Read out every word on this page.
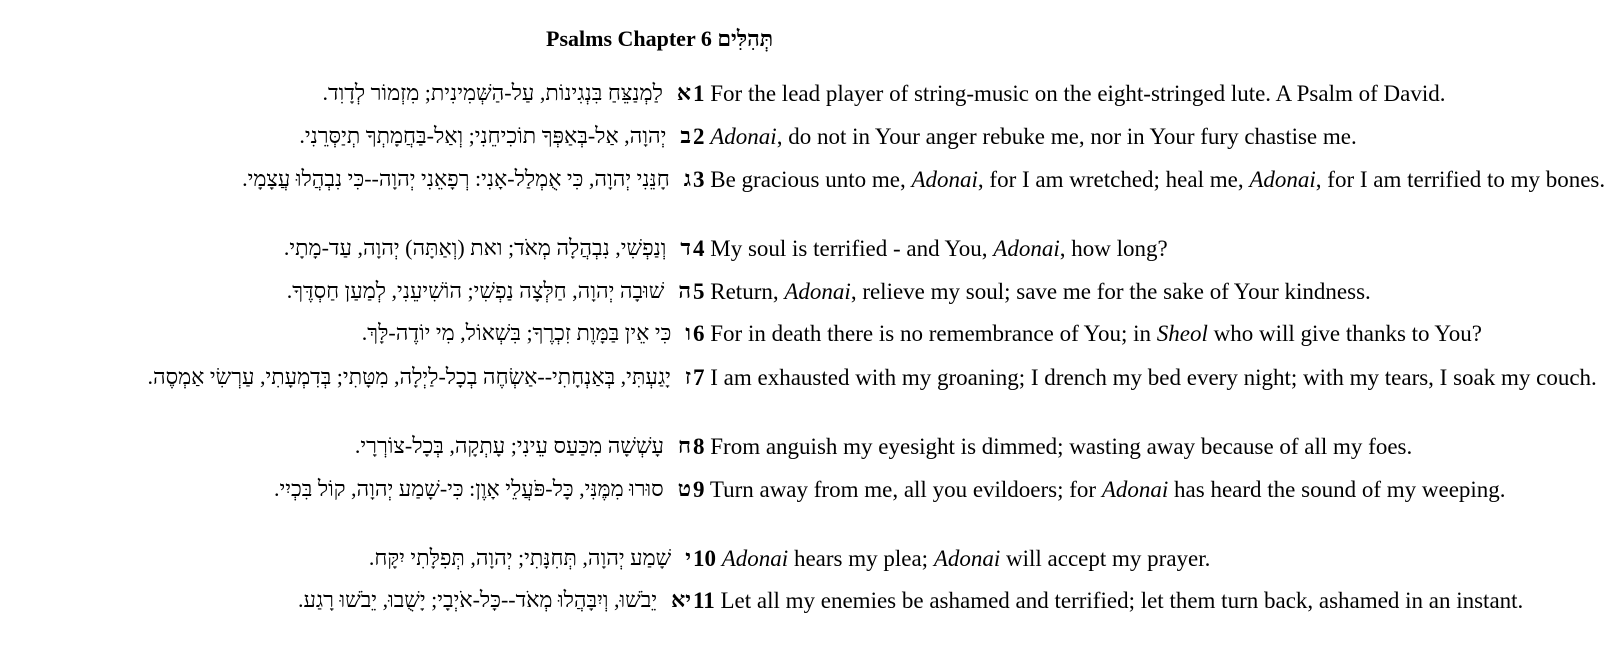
Psalms Chapter 6 תְּהִלִּים
אלַמְנַצֵּחַ בִּנְגִינוֹת, עַל-הַשְּׁמִינִית; מִזְמוֹר לְדָוִד.	1 For the lead player of string-music on the eight-stringed lute. A Psalm of David.
ביְהוָה, אַל-בְּאַפְּךָ תוֹכִיחֵנִי; וְאַל-בַּחֲמָתְךָ תְיַסְּרֵנִי.	2 Adonai, do not in Your anger rebuke me, nor in Your fury chastise me.
גחָנֵּנִי יְהוָה, כִּי אֻמְלַל-אָנִי: רְפָאֵנִי יְהוָה--כִּי נִבְהֲלוּ עֲצָמָי.	3 Be gracious unto me, Adonai, for I am wretched; heal me, Adonai, for I am terrified to my bones.
דוְנַפְשִׁי, נִבְהֲלָה מְאֹד; ואת (וְאַתָּה) יְהוָה, עַד-מָתָי.	4 My soul is terrified - and You, Adonai, how long?
השׁוּבָה יְהוָה, חַלְּצָה נַפְשִׁי; הוֹשִׁיעֵנִי, לְמַעַן חַסְדֶּךָ.	5 Return, Adonai, relieve my soul; save me for the sake of Your kindness.
וכִּי אֵין בַּמָּוֶת זִכְרֶךָ; בִּשְׁאוֹל, מִי יוֹדֶה-לָּךְ. 6 For in death there is no remembrance of You; in Sheol who will give thanks to You?
זיָגַעְתִּי, בְּאַנְחָתִי--אַשְׂחֶה בְכָל-לַיְלָה, מִטָּתִי; בְּדִמְעָתִי, עַרְשִׂי אַמְסֶה. 7 I am exhausted with my groaning; I drench my bed every night; with my tears, I soak my couch.
חעָשְׁשָׁה מִכַּעַס עֵינִי; עָתְקָה, בְּכָל-צוֹרְרָי.	8 From anguish my eyesight is dimmed; wasting away because of all my foes.
טסוּרוּ מִמֶּנִּי, כָּל-פֹּעֲלֵי אָוֶן: כִּי-שָׁמַע יְהוָה, קוֹל בִּכְיִי.	9 Turn away from me, all you evildoers; for Adonai has heard the sound of my weeping.
ישָׁמַע יְהוָה, תְּחִנָּתִי; יְהוָה, תְּפִלָּתִי יִקָּח. 10 Adonai hears my plea; Adonai will accept my prayer.
יאיֵבֹשׁוּ, וְיִבָּהֲלוּ מְאֹד--כָּל-אֹיְבָי; יָשֻׁבוּ, יֵבֹשׁוּ רָגַע.	11 Let all my enemies be ashamed and terrified; let them turn back, ashamed in an instant.
